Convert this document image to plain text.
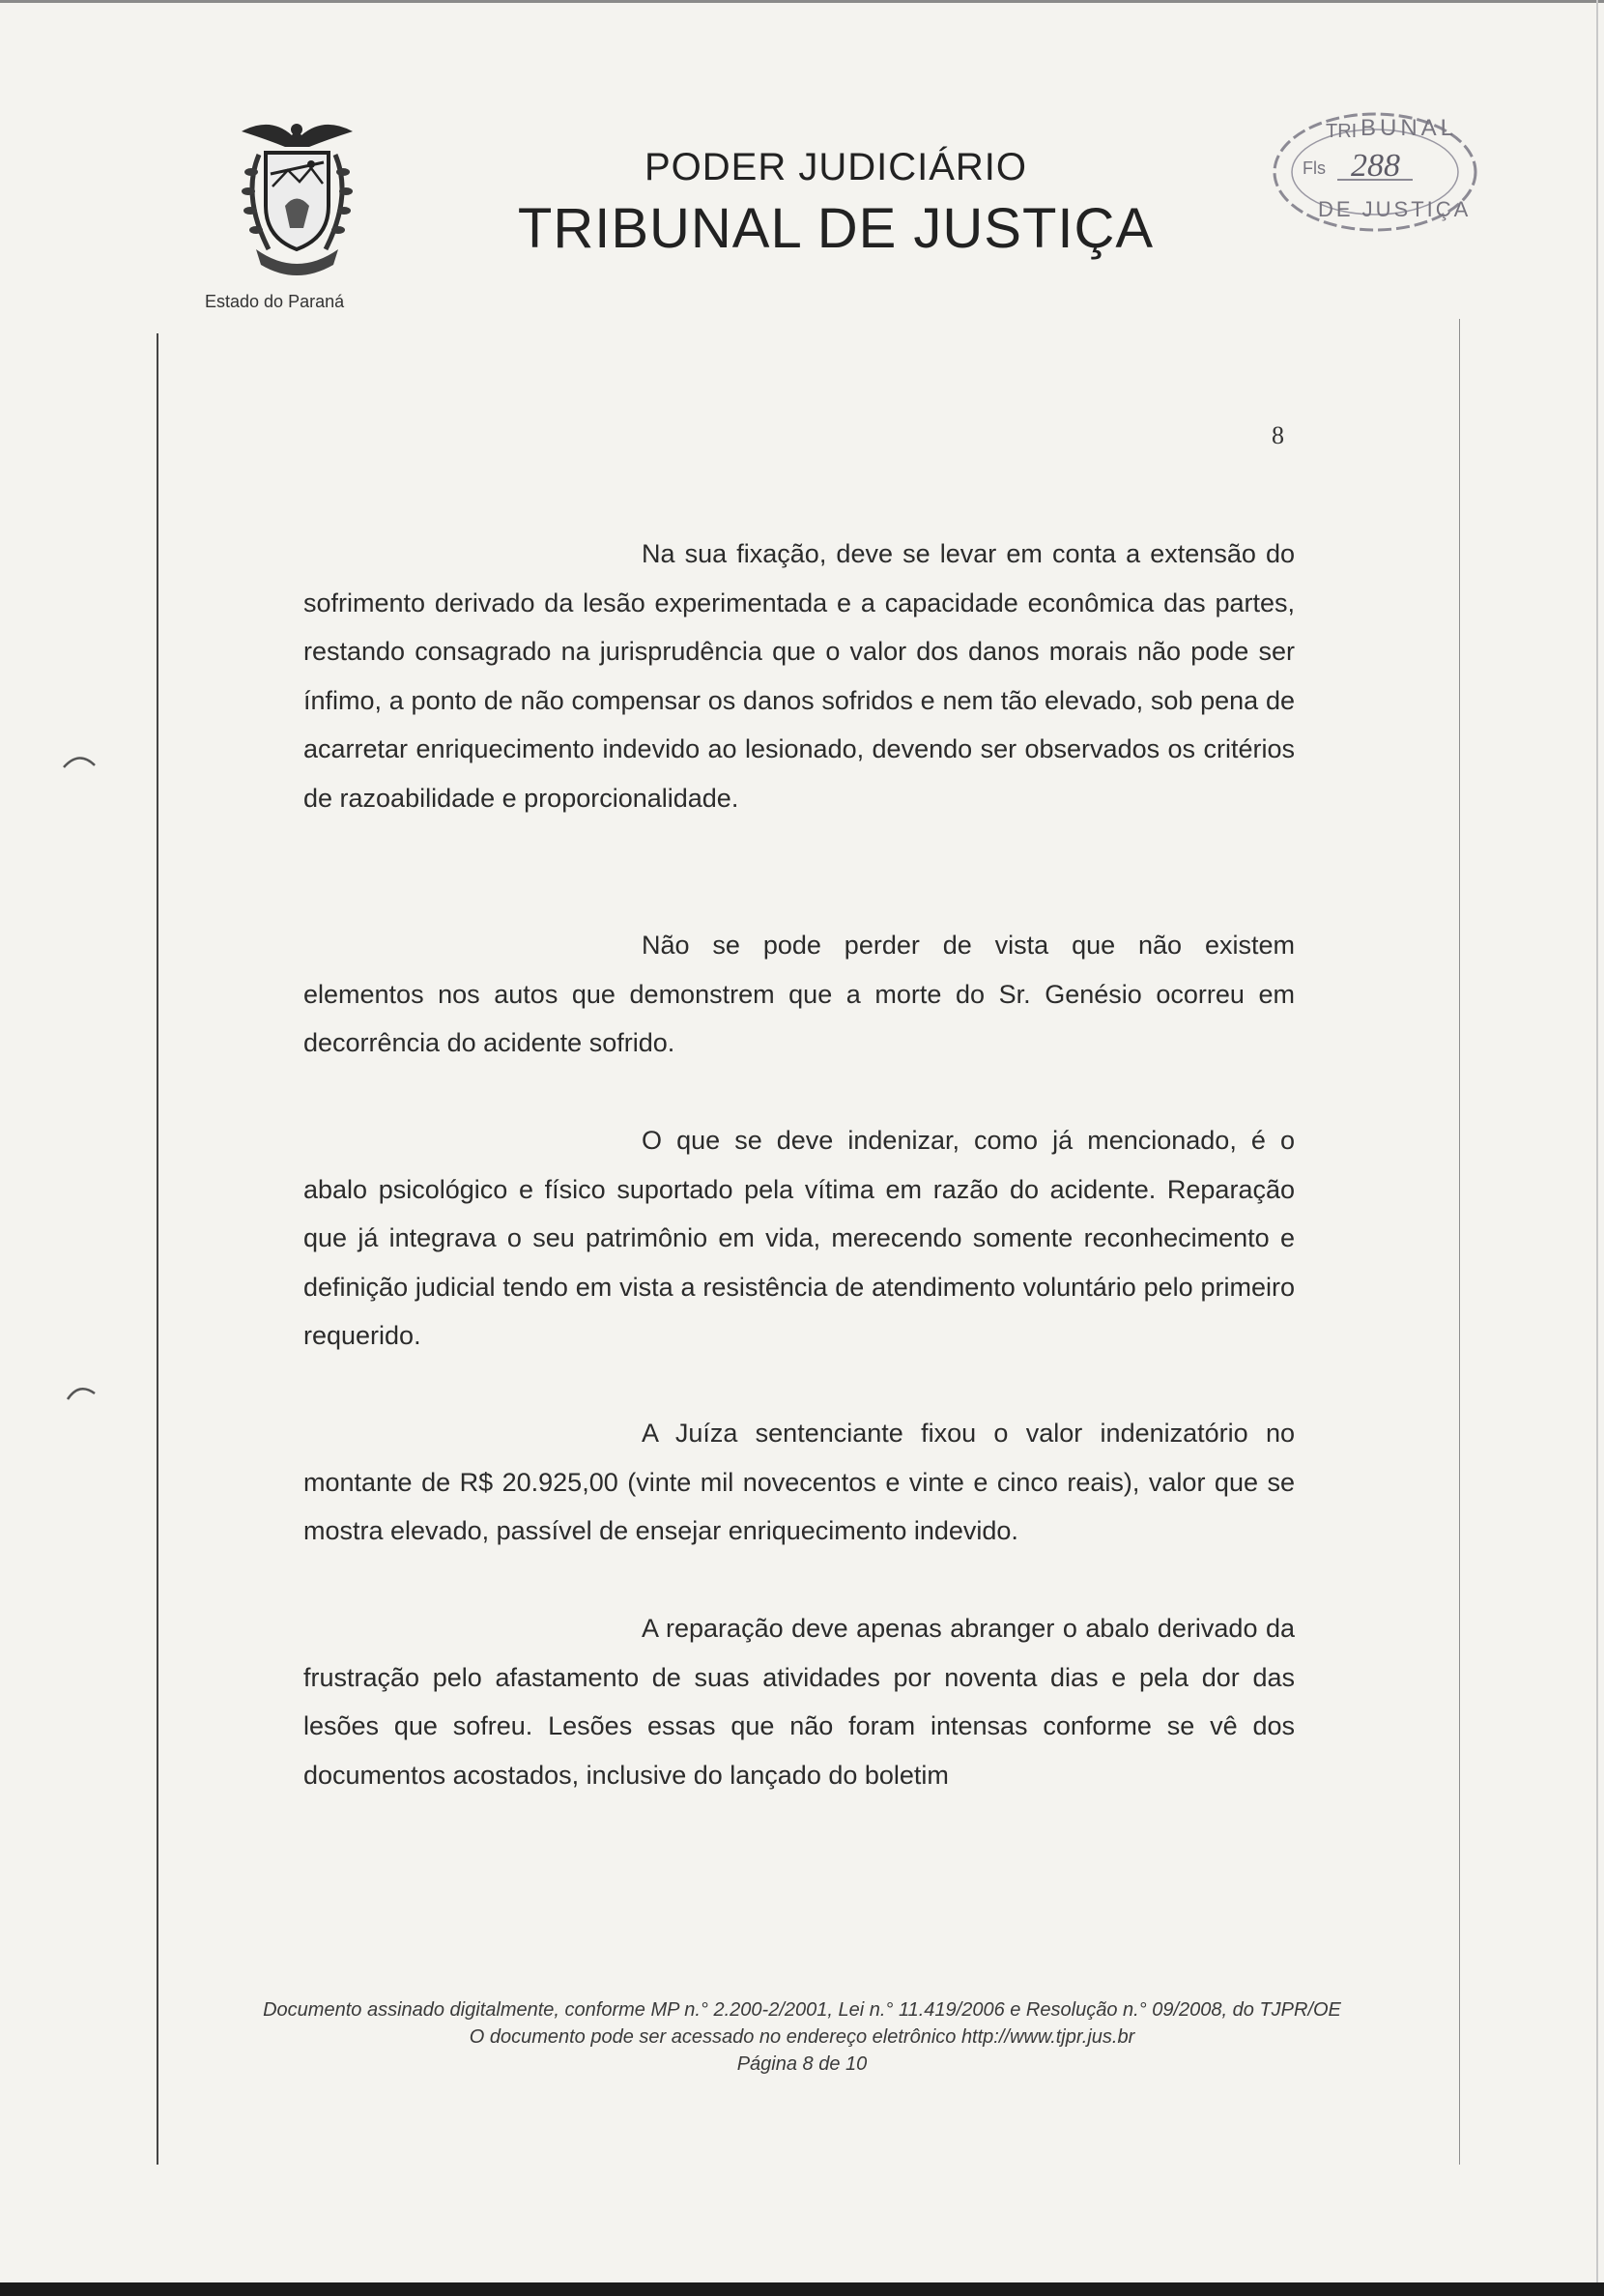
Estado do Paraná
PODER JUDICIÁRIO
TRIBUNAL DE JUSTIÇA
BUNAL
TRI
Fls 288
DE JUSTIÇA
8

Na sua fixação, deve se levar em conta a extensão do sofrimento derivado da lesão experimentada e a capacidade econômica das partes, restando consagrado na jurisprudência que o valor dos danos morais não pode ser ínfimo, a ponto de não compensar os danos sofridos e nem tão elevado, sob pena de acarretar enriquecimento indevido ao lesionado, devendo ser observados os critérios de razoabilidade e proporcionalidade.

Não se pode perder de vista que não existem elementos nos autos que demonstrem que a morte do Sr. Genésio ocorreu em decorrência do acidente sofrido.

O que se deve indenizar, como já mencionado, é o abalo psicológico e físico suportado pela vítima em razão do acidente. Reparação que já integrava o seu patrimônio em vida, merecendo somente reconhecimento e definição judicial tendo em vista a resistência de atendimento voluntário pelo primeiro requerido.

A Juíza sentenciante fixou o valor indenizatório no montante de R$ 20.925,00 (vinte mil novecentos e vinte e cinco reais), valor que se mostra elevado, passível de ensejar enriquecimento indevido.

A reparação deve apenas abranger o abalo derivado da frustração pelo afastamento de suas atividades por noventa dias e pela dor das lesões que sofreu. Lesões essas que não foram intensas conforme se vê dos documentos acostados, inclusive do lançado do boletim

Documento assinado digitalmente, conforme MP n.° 2.200-2/2001, Lei n.° 11.419/2006 e Resolução n.° 09/2008, do TJPR/OE
O documento pode ser acessado no endereço eletrônico http://www.tjpr.jus.br
Página 8 de 10
